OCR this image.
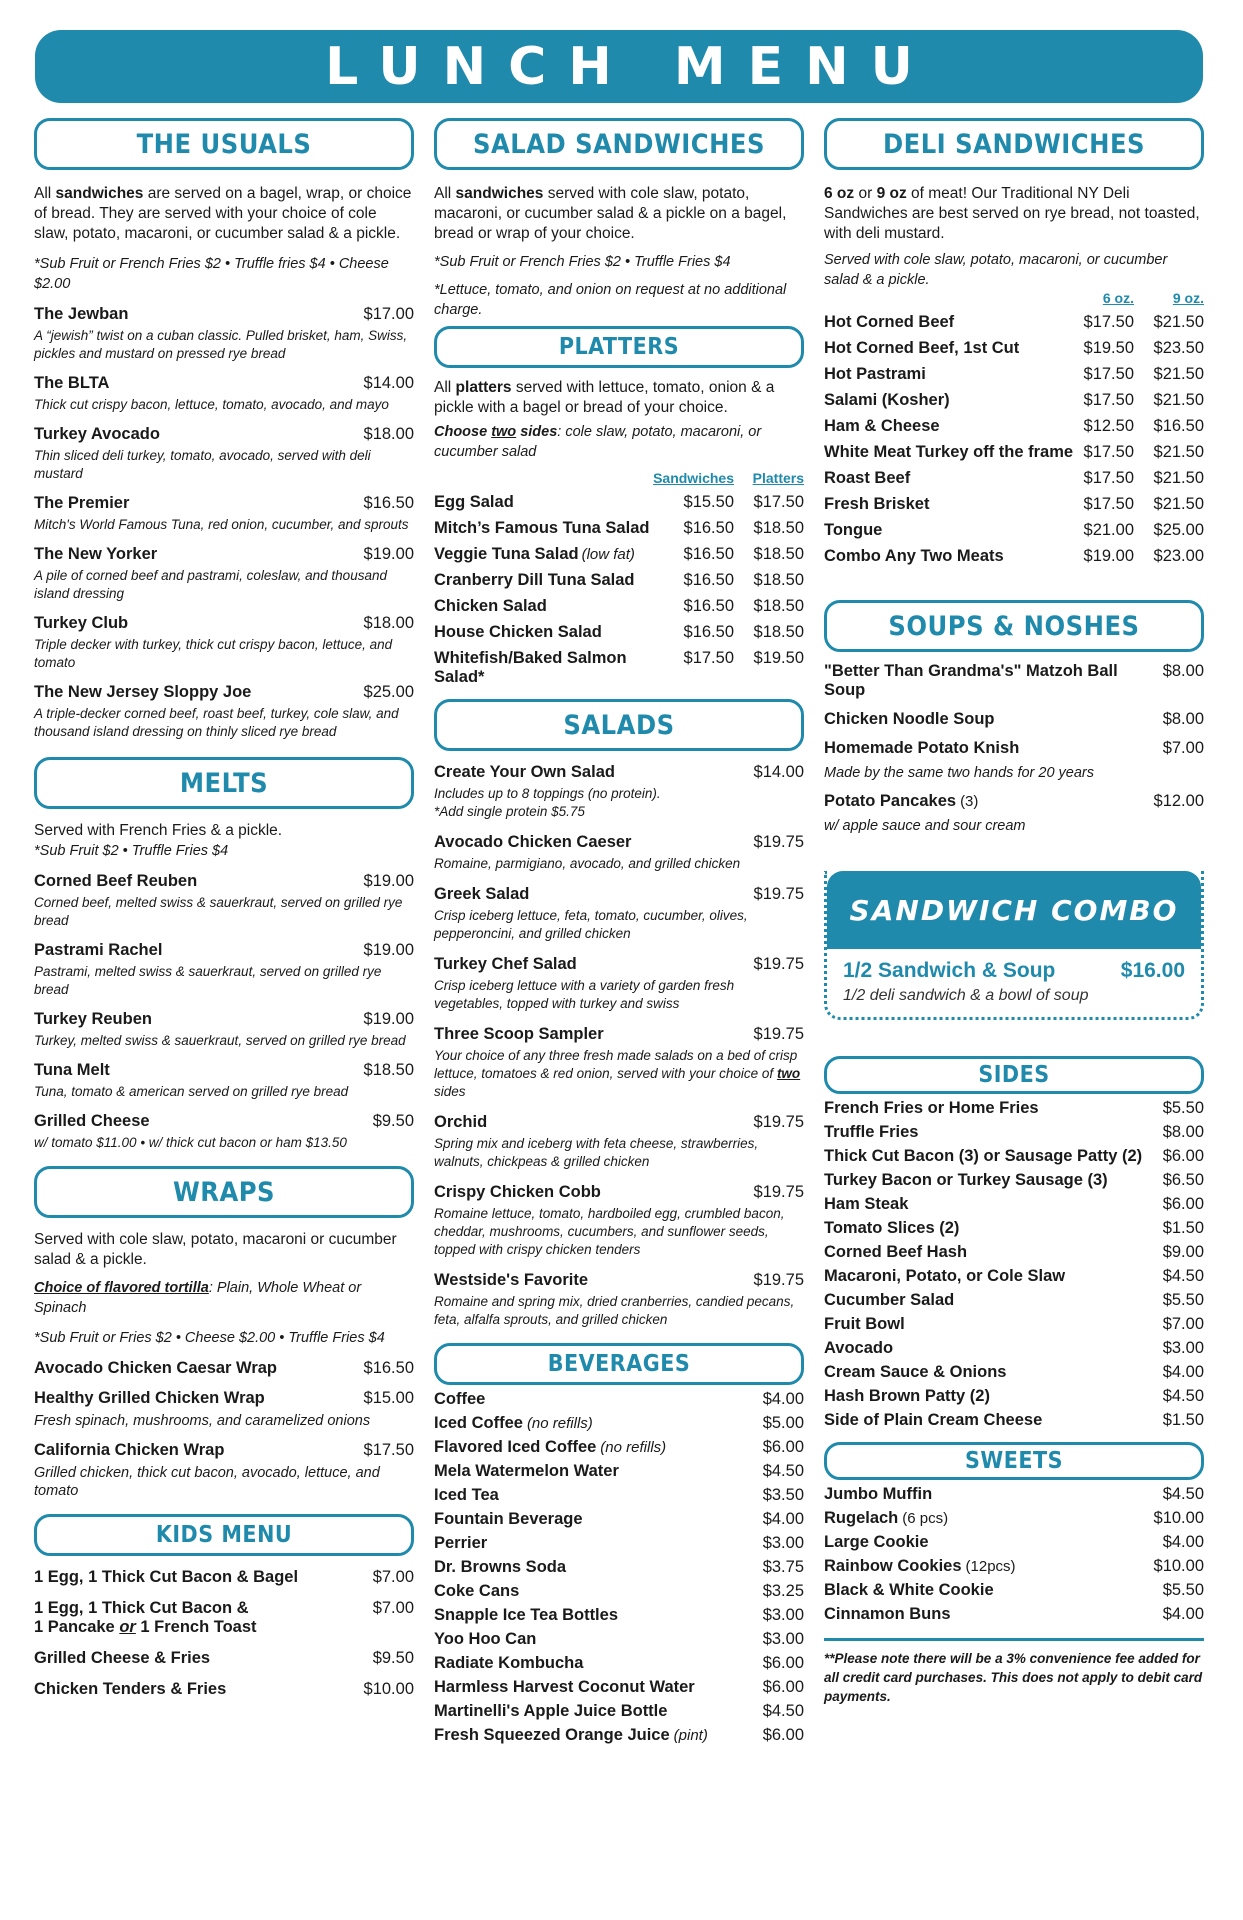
LUNCH MENU
THE USUALS

All sandwiches are served on a bagel, wrap, or choice of bread. They are served with your choice of cole slaw, potato, macaroni, or cucumber salad & a pickle.

*Sub Fruit or French Fries $2 • Truffle fries $4 • Cheese $2.00

The Jewban	$17.00
A “jewish” twist on a cuban classic. Pulled brisket, ham, Swiss, pickles and mustard on pressed rye bread
The BLTA	$14.00
Thick cut crispy bacon, lettuce, tomato, avocado, and mayo
Turkey Avocado	$18.00
Thin sliced deli turkey, tomato, avocado, served with deli mustard
The Premier	$16.50
Mitch's World Famous Tuna, red onion, cucumber, and sprouts
The New Yorker	$19.00
A pile of corned beef and pastrami, coleslaw, and thousand island dressing
Turkey Club	$18.00
Triple decker with turkey, thick cut crispy bacon, lettuce, and tomato
The New Jersey Sloppy Joe	$25.00
A triple-decker corned beef, roast beef, turkey, cole slaw, and thousand island dressing on thinly sliced rye bread
MELTS

Served with French Fries & a pickle.

*Sub Fruit $2 • Truffle Fries $4

Corned Beef Reuben	$19.00
Corned beef, melted swiss & sauerkraut, served on grilled rye bread
Pastrami Rachel	$19.00
Pastrami, melted swiss & sauerkraut, served on grilled rye bread
Turkey Reuben	$19.00
Turkey, melted swiss & sauerkraut, served on grilled rye bread
Tuna Melt	$18.50
Tuna, tomato & american served on grilled rye bread
Grilled Cheese	$9.50
w/ tomato $11.00 • w/ thick cut bacon or ham $13.50
WRAPS

Served with cole slaw, potato, macaroni or cucumber salad & a pickle.

Choice of flavored tortilla: Plain, Whole Wheat or Spinach

*Sub Fruit or Fries $2 • Cheese $2.00 • Truffle Fries $4

Avocado Chicken Caesar Wrap	$16.50
Healthy Grilled Chicken Wrap	$15.00
Fresh spinach, mushrooms, and caramelized onions
California Chicken Wrap	$17.50
Grilled chicken, thick cut bacon, avocado, lettuce, and tomato
KIDS MENU
1 Egg, 1 Thick Cut Bacon & Bagel	$7.00
1 Egg, 1 Thick Cut Bacon &	$7.00
1 Pancake or 1 French Toast
Grilled Cheese & Fries	$9.50
Chicken Tenders & Fries	$10.00
SALAD SANDWICHES

All sandwiches served with cole slaw, potato, macaroni, or cucumber salad & a pickle on a bagel, bread or wrap of your choice.

*Sub Fruit or French Fries $2 • Truffle Fries $4

*Lettuce, tomato, and onion on request at no additional charge.

PLATTERS

All platters served with lettuce, tomato, onion & a pickle with a bagel or bread of your choice.

Choose two sides: cole slaw, potato, macaroni, or cucumber salad

Sandwiches	Platters
Egg Salad	$15.50	$17.50
Mitch’s Famous Tuna Salad	$16.50	$18.50
Veggie Tuna Salad (low fat)	$16.50	$18.50
Cranberry Dill Tuna Salad	$16.50	$18.50
Chicken Salad	$16.50	$18.50
House Chicken Salad	$16.50	$18.50
Whitefish/Baked Salmon Salad*
$17.50	$19.50
SALADS
Create Your Own Salad	$14.00
Includes up to 8 toppings (no protein).
*Add single protein $5.75
Avocado Chicken Caeser	$19.75
Romaine, parmigiano, avocado, and grilled chicken
Greek Salad	$19.75
Crisp iceberg lettuce, feta, tomato, cucumber, olives, pepperoncini, and grilled chicken
Turkey Chef Salad	$19.75
Crisp iceberg lettuce with a variety of garden fresh vegetables, topped with turkey and swiss
Three Scoop Sampler	$19.75
Your choice of any three fresh made salads on a bed of crisp lettuce, tomatoes & red onion, served with your choice of two sides
Orchid	$19.75
Spring mix and iceberg with feta cheese, strawberries, walnuts, chickpeas & grilled chicken
Crispy Chicken Cobb	$19.75
Romaine lettuce, tomato, hardboiled egg, crumbled bacon, cheddar, mushrooms, cucumbers, and sunflower seeds, topped with crispy chicken tenders
Westside's Favorite	$19.75
Romaine and spring mix, dried cranberries, candied pecans, feta, alfalfa sprouts, and grilled chicken
BEVERAGES
Coffee	$4.00
Iced Coffee (no refills)	$5.00
Flavored Iced Coffee (no refills)	$6.00
Mela Watermelon Water	$4.50
Iced Tea	$3.50
Fountain Beverage	$4.00
Perrier	$3.00
Dr. Browns Soda	$3.75
Coke Cans	$3.25
Snapple Ice Tea Bottles	$3.00
Yoo Hoo Can	$3.00
Radiate Kombucha	$6.00
Harmless Harvest Coconut Water	$6.00
Martinelli's Apple Juice Bottle	$4.50
Fresh Squeezed Orange Juice (pint)	$6.00
DELI SANDWICHES

6 oz or 9 oz of meat! Our Traditional NY Deli Sandwiches are best served on rye bread, not toasted, with deli mustard.

Served with cole slaw, potato, macaroni, or cucumber salad & a pickle.

6 oz.	9 oz.
Hot Corned Beef	$17.50	$21.50
Hot Corned Beef, 1st Cut	$19.50	$23.50
Hot Pastrami	$17.50	$21.50
Salami (Kosher)	$17.50	$21.50
Ham & Cheese	$12.50	$16.50
White Meat Turkey off the frame $17.50	$21.50
Roast Beef	$17.50	$21.50
Fresh Brisket	$17.50	$21.50
Tongue	$21.00	$25.00
Combo Any Two Meats	$19.00	$23.00
SOUPS & NOSHES
"Better Than Grandma's" Matzoh Ball Soup
$8.00
Chicken Noodle Soup	$8.00
Homemade Potato Knish	$7.00
Made by the same two hands for 20 years
Potato Pancakes (3)	$12.00
w/ apple sauce and sour cream
SANDWICH COMBO
1/2 Sandwich & Soup	$16.00
1/2 deli sandwich & a bowl of soup
SIDES
French Fries or Home Fries	$5.50
Truffle Fries	$8.00
Thick Cut Bacon (3) or Sausage Patty (2) $6.00
Turkey Bacon or Turkey Sausage (3)	$6.50
Ham Steak	$6.00
Tomato Slices (2)	$1.50
Corned Beef Hash	$9.00
Macaroni, Potato, or Cole Slaw	$4.50
Cucumber Salad	$5.50
Fruit Bowl	$7.00
Avocado	$3.00
Cream Sauce & Onions	$4.00
Hash Brown Patty (2)	$4.50
Side of Plain Cream Cheese	$1.50
SWEETS
Jumbo Muffin	$4.50
Rugelach (6 pcs)	$10.00
Large Cookie	$4.00
Rainbow Cookies (12pcs)	$10.00
Black & White Cookie	$5.50
Cinnamon Buns	$4.00

**Please note there will be a 3% convenience fee added for all credit card purchases. This does not apply to debit card payments.
